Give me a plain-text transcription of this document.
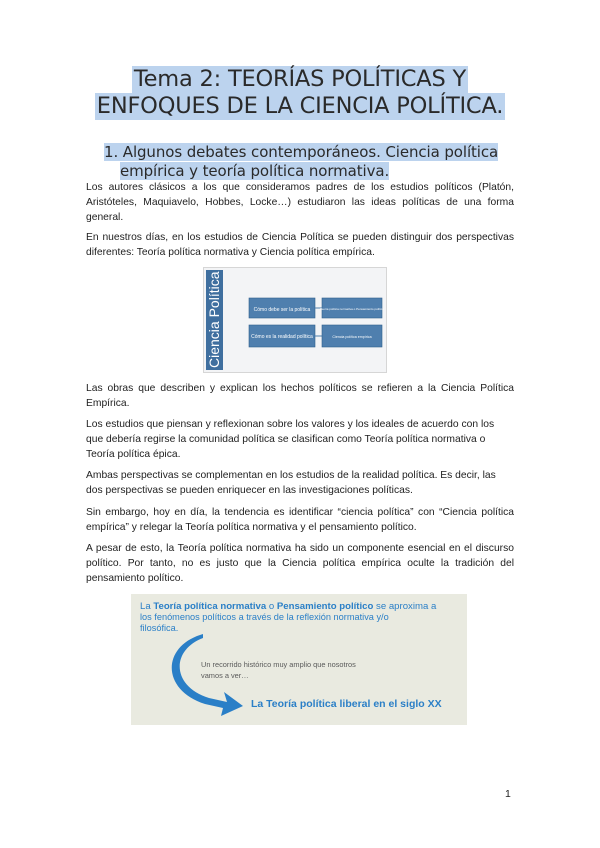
Tema 2: TEORÍAS POLÍTICAS Y
ENFOQUES DE LA CIENCIA POLÍTICA.
1. Algunos debates contemporáneos. Ciencia política
empírica y teoría política normativa.

Los autores clásicos a los que consideramos padres de los estudios políticos (Platón, Aristóteles, Maquiavelo, Hobbes, Locke…) estudiaron las ideas políticas de una forma general.

En nuestros días, en los estudios de Ciencia Política se pueden distinguir dos perspectivas diferentes: Teoría política normativa y Ciencia política empírica.

Ciencia Política	Cómo debe ser la política
Cómo es la realidad política
Teoría política normativa o Pensamiento político
Ciencia política empírica

Las obras que describen y explican los hechos políticos se refieren a la Ciencia Política Empírica.

Los estudios que piensan y reflexionan sobre los valores y los ideales de acuerdo con los que debería regirse la comunidad política se clasifican como Teoría política normativa o Teoría política épica.

Ambas perspectivas se complementan en los estudios de la realidad política. Es decir, las dos perspectivas se pueden enriquecer en las investigaciones políticas.

Sin embargo, hoy en día, la tendencia es identificar “ciencia política” con “Ciencia política empírica” y relegar la Teoría política normativa y el pensamiento político.

A pesar de esto, la Teoría política normativa ha sido un componente esencial en el discurso político. Por tanto, no es justo que la Ciencia política empírica oculte la tradición del pensamiento político.

La Teoría política normativa o Pensamiento político se aproxima a
los fenómenos políticos a través de la reflexión normativa y/o
filosófica.
Un recorrido histórico muy amplio que nosotros
vamos a ver…
La Teoría política liberal en el siglo XX
1
